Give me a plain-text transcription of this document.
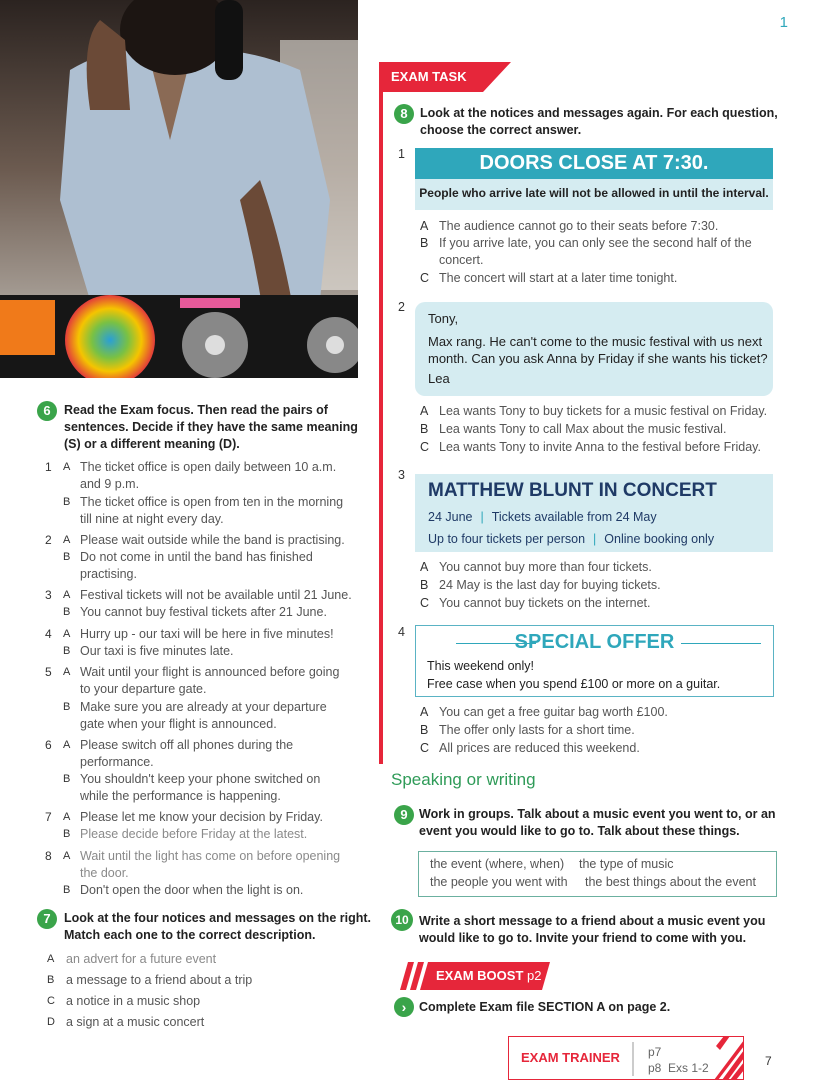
6	Read the Exam focus. Then read the pairs of
sentences. Decide if they have the same meaning
(S) or a different meaning (D).
1 A The ticket office is open daily between 10 a.m.
and 9 p.m.
B The ticket office is open from ten in the morning
till nine at night every day.
2 A Please wait outside while the band is practising.
B Do not come in until the band has finished
practising.
3 A Festival tickets will not be available until 21 June.
B You cannot buy festival tickets after 21 June.
4 A Hurry up - our taxi will be here in five minutes!
B Our taxi is five minutes late.
5 A Wait until your flight is announced before going
to your departure gate.
B Make sure you are already at your departure
gate when your flight is announced.
6 A Please switch off all phones during the
performance.
B You shouldn't keep your phone switched on
while the performance is happening.
7 A Please let me know your decision by Friday.
B Please decide before Friday at the latest.
8 A Wait until the light has come on before opening
the door.
B Don't open the door when the light is on.
7	Look at the four notices and messages on the right.
Match each one to the correct description.
A an advert for a future event
B a message to a friend about a trip
C a notice in a music shop
D a sign at a music concert
1
EXAM TASK
8 Look at the notices and messages again. For each question,
choose the correct answer.
1	DOORS CLOSE AT 7:30.
People who arrive late will not be allowed in until the interval.
A The audience cannot go to their seats before 7:30.
B If you arrive late, you can only see the second half of the
concert.
C The concert will start at a later time tonight.
2
Tony,
Max rang. He can't come to the music festival with us next
month. Can you ask Anna by Friday if she wants his ticket?
Lea
A Lea wants Tony to buy tickets for a music festival on Friday.
B Lea wants Tony to call Max about the music festival.
C Lea wants Tony to invite Anna to the festival before Friday.
3
MATTHEW BLUNT IN CONCERT
24 June | Tickets available from 24 May
Up to four tickets per person | Online booking only
A You cannot buy more than four tickets.
B 24 May is the last day for buying tickets.
C You cannot buy tickets on the internet.
4	SPECIAL OFFER
This weekend only!
Free case when you spend £100 or more on a guitar.
A You can get a free guitar bag worth £100.
B The offer only lasts for a short time.
C All prices are reduced this weekend.
Speaking or writing
9 Work in groups. Talk about a music event you went to, or an
event you would like to go to. Talk about these things.
the event (where, when) the type of music
the people you went with the best things about the event
10 Write a short message to a friend about a music event you
would like to go to. Invite your friend to come with you.
EXAM BOOST p2
›	Complete Exam file SECTION A on page 2.
EXAM TRAINER p7
p8  Exs 1-2	7
